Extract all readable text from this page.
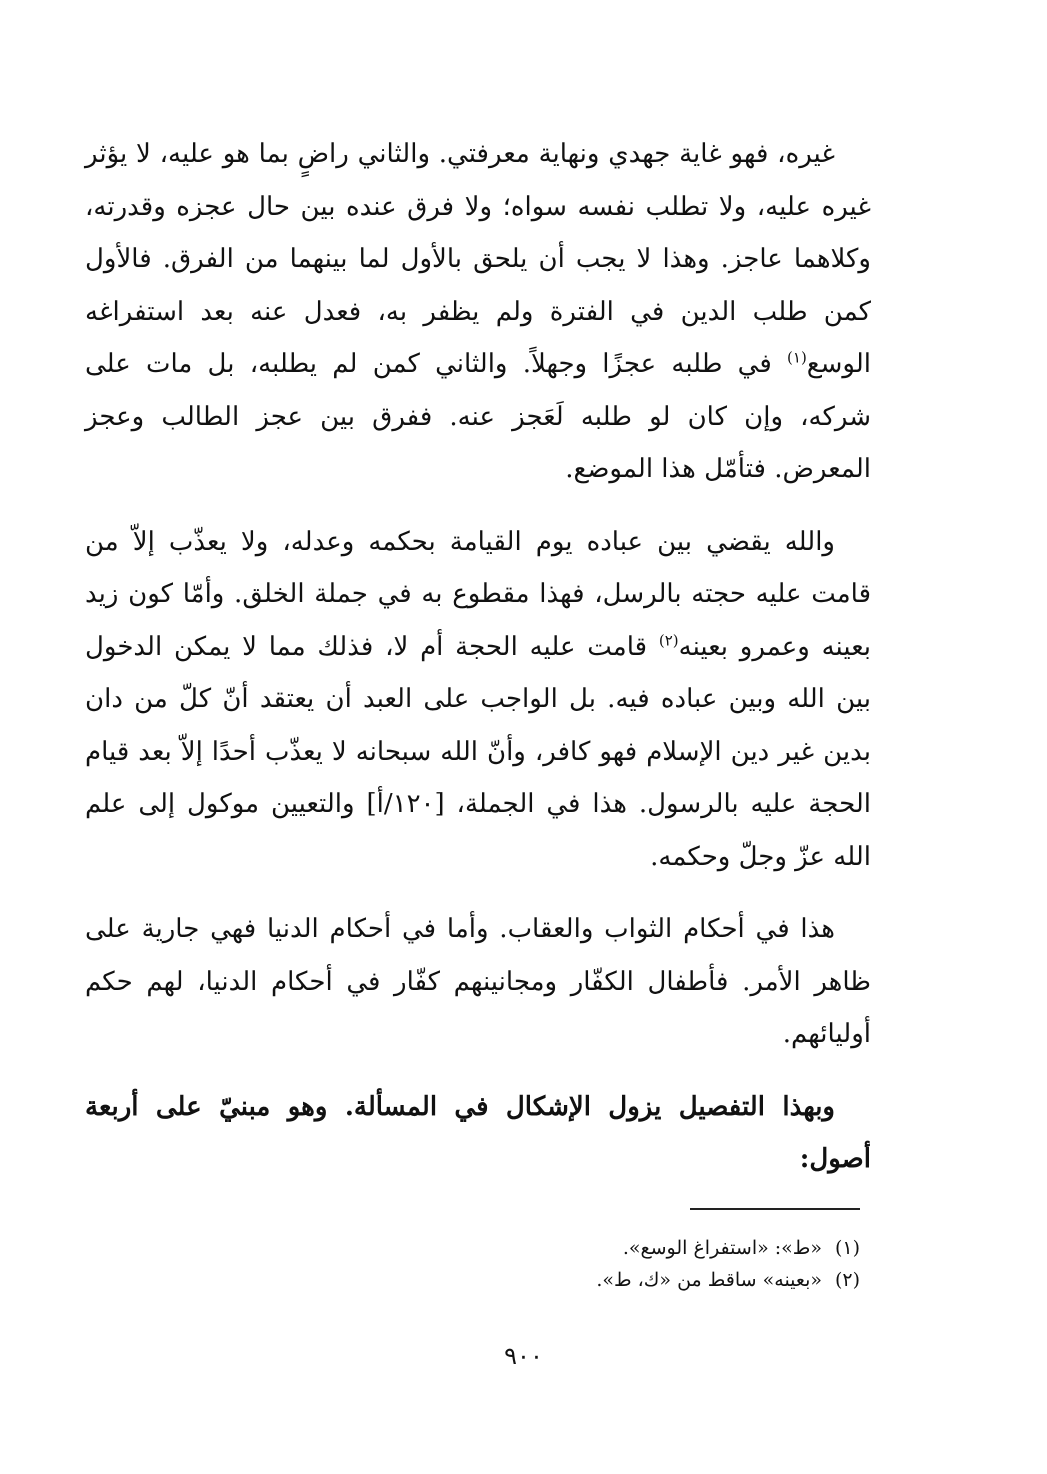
غيره، فهو غاية جهدي ونهاية معرفتي. والثاني راضٍ بما هو عليه، لا يؤثر غيره عليه، ولا تطلب نفسه سواه؛ ولا فرق عنده بين حال عجزه وقدرته، وكلاهما عاجز. وهذا لا يجب أن يلحق بالأول لما بينهما من الفرق. فالأول كمن طلب الدين في الفترة ولم يظفر به، فعدل عنه بعد استفراغه الوسع$^{(١)}$ في طلبه عجزًا وجهلاً. والثاني كمن لم يطلبه، بل مات على شركه، وإن كان لو طلبه لَعَجز عنه. ففرق بين عجز الطالب وعجز المعرض. فتأمّل هذا الموضع.

والله يقضي بين عباده يوم القيامة بحكمه وعدله، ولا يعذّب إلاّ من قامت عليه حجته بالرسل، فهذا مقطوع به في جملة الخلق. وأمّا كون زيد بعينه وعمرو بعينه$^{(٢)}$ قامت عليه الحجة أم لا، فذلك مما لا يمكن الدخول بين الله وبين عباده فيه. بل الواجب على العبد أن يعتقد أنّ كلّ من دان بدين غير دين الإسلام فهو كافر، وأنّ الله سبحانه لا يعذّب أحدًا إلاّ بعد قيام الحجة عليه بالرسول. هذا في الجملة، [١٢٠/أ] والتعيين موكول إلى علم الله عزّ وجلّ وحكمه.

هذا في أحكام الثواب والعقاب. وأما في أحكام الدنيا فهي جارية على ظاهر الأمر. فأطفال الكفّار ومجانينهم كفّار في أحكام الدنيا، لهم حكم أوليائهم.

وبهذا التفصيل يزول الإشكال في المسألة. وهو مبنيّ على أربعة أصول:

(١)«ط»: «استفراغ الوسع».
(٢)«بعينه» ساقط من «ك، ط».
٩٠٠
